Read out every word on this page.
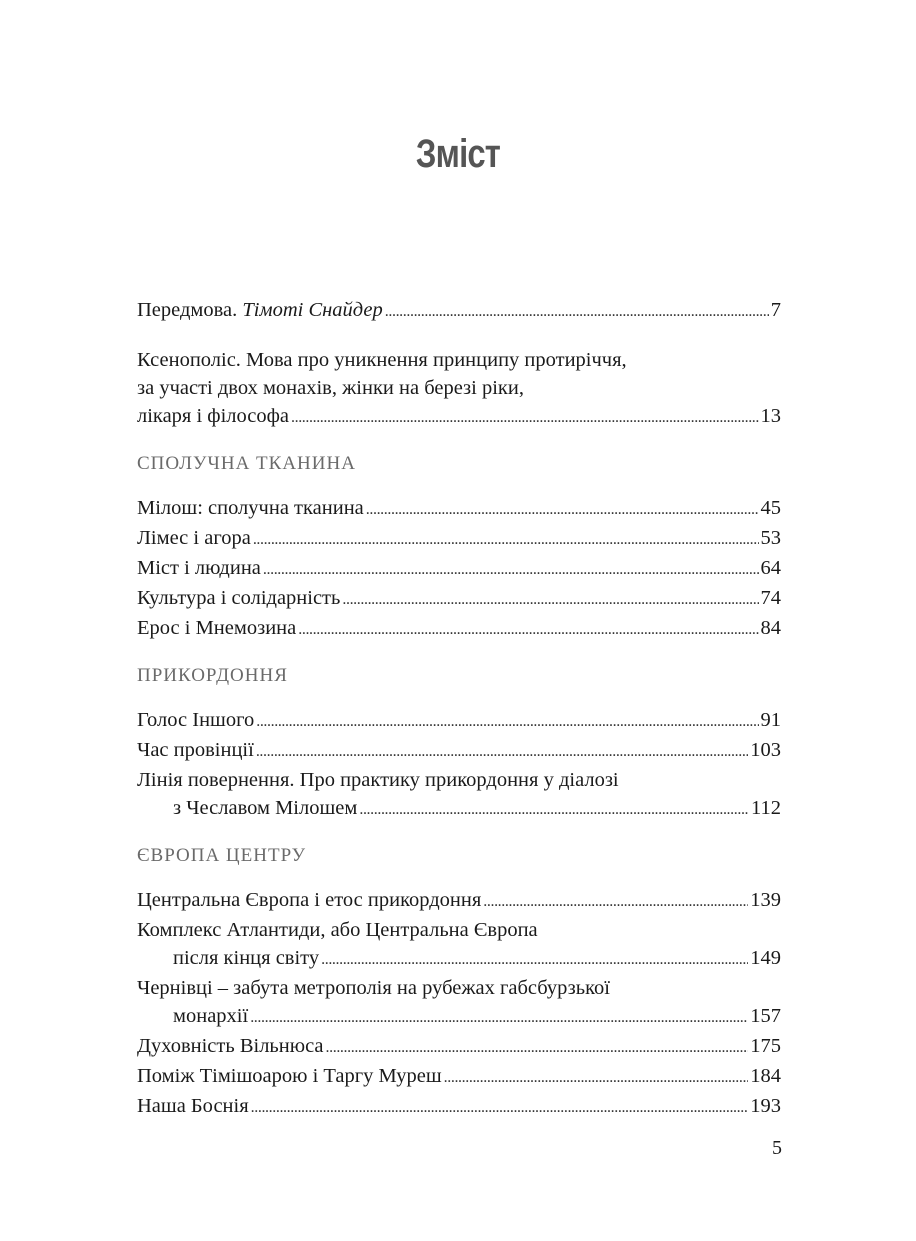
Зміст
Передмова. Тімоті Снайдер . . .	7
Ксенополіс. Мова про уникнення принципу протиріччя,
за участі двох монахів, жінки на березі ріки,
лікаря і філософа . . .	13
СПОЛУЧНА ТКАНИНА
Мілош: сполучна тканина . . .	45
Лімес і агора . . .	53
Міст і людина . . .	64
Культура і солідарність . . .	74
Ерос і Мнемозина . . .	84
ПРИКОРДОННЯ
Голос Іншого . . .	91
Час провінції . . .	103
Лінія повернення. Про практику прикордоння у діалозі
з Чеславом Мілошем . . .	112
ЄВРОПА ЦЕНТРУ
Центральна Європа і етос прикордоння . . .	139
Комплекс Атлантиди, або Центральна Європа
після кінця світу . . .	149
Чернівці – забута метрополія на рубежах габсбурзької
монархії . . .	157
Духовність Вільнюса . . .	175
Поміж Тімішоарою і Таргу Муреш . . .	184
Наша Боснія . . .	193
5
